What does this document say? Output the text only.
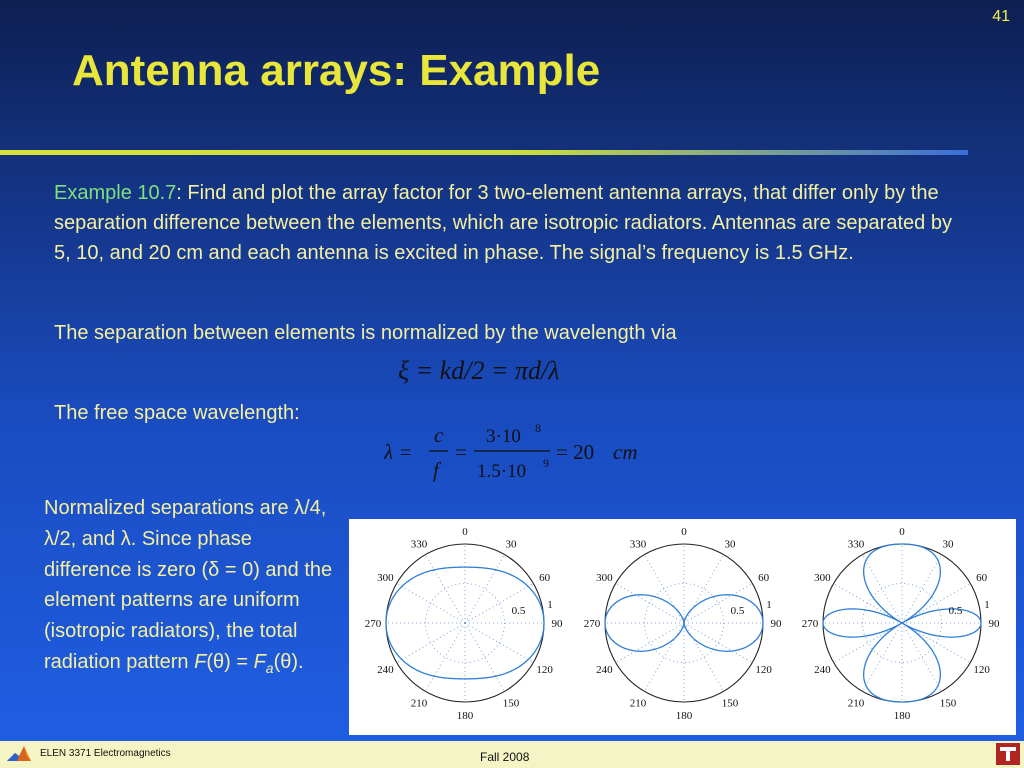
41
Antenna arrays: Example

Example 10.7: Find and plot the array factor for 3 two-element antenna arrays, that differ only by the separation difference between the elements, which are isotropic radiators. Antennas are separated by 5, 10, and 20 cm and each antenna is excited in phase. The signal’s frequency is 1.5 GHz.

The separation between elements is normalized by the wavelength via

ξ = kd/2 = πd/λ

The free space wavelength:

λ =
c
f
=
3·10 8
1.5·10 9 = 20 cm

Normalized separations are λ/4, λ/2, and λ. Since phase difference is zero (δ = 0) and the element patterns are uniform (isotropic radiators), the total radiation pattern $F(\theta) = F_a(\theta)$.

0
30
60
90
120
150
180
210
240
270
300
330
0.5 1
0
30
60
90
120
150
180
210
240
270
300
330
0.5 1
0
30
60
90
120
150
180
210
240
270
300
330
0.5 1
ELEN 3371 Electromagnetics	Fall 2008
